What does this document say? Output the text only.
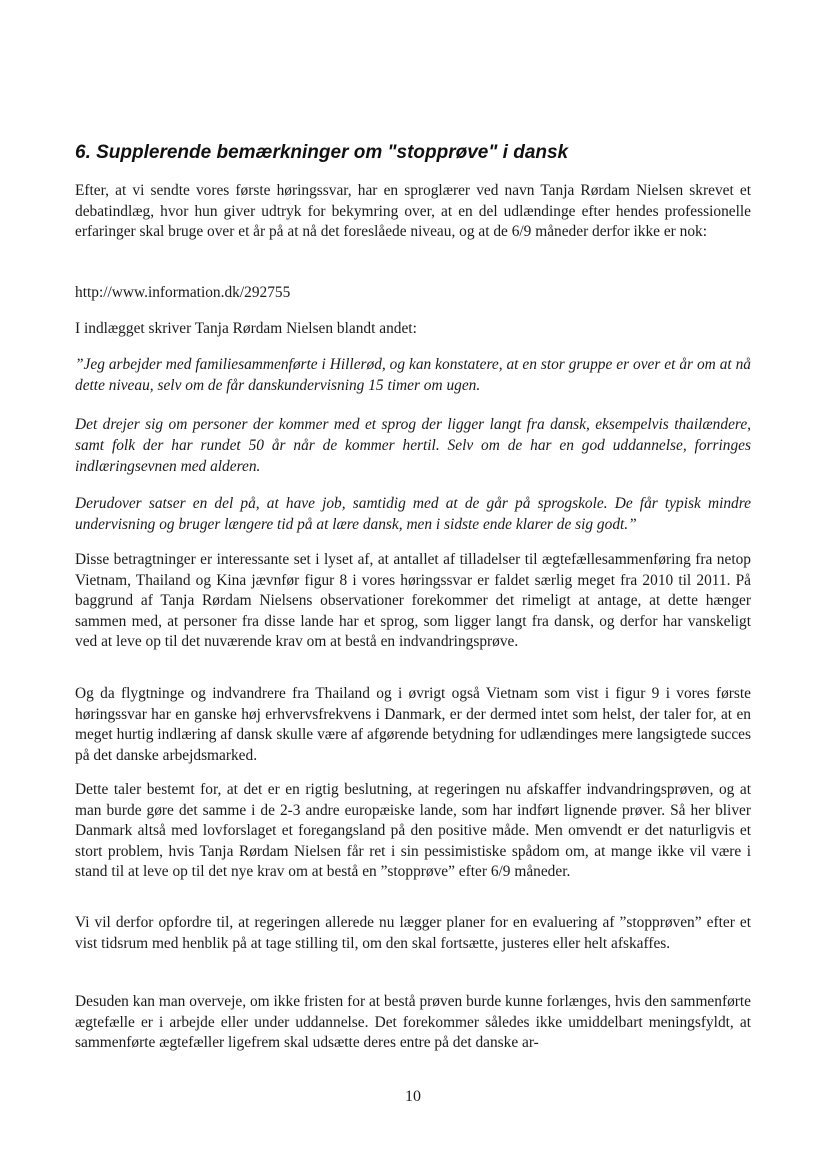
6. Supplerende bemærkninger om "stopprøve" i dansk

Efter, at vi sendte vores første høringssvar, har en sproglærer ved navn Tanja Rørdam Nielsen skrevet et debatindlæg, hvor hun giver udtryk for bekymring over, at en del udlændinge efter hendes professionelle erfaringer skal bruge over et år på at nå det foreslåede niveau, og at de 6/9 måneder derfor ikke er nok:

http://www.information.dk/292755

I indlægget skriver Tanja Rørdam Nielsen blandt andet:

”Jeg arbejder med familiesammenførte i Hillerød, og kan konstatere, at en stor gruppe er over et år om at nå dette niveau, selv om de får danskundervisning 15 timer om ugen.

Det drejer sig om personer der kommer med et sprog der ligger langt fra dansk, eksempelvis thailændere, samt folk der har rundet 50 år når de kommer hertil. Selv om de har en god uddannelse, forringes indlæringsevnen med alderen.

Derudover satser en del på, at have job, samtidig med at de går på sprogskole. De får typisk mindre undervisning og bruger længere tid på at lære dansk, men i sidste ende klarer de sig godt.”

Disse betragtninger er interessante set i lyset af, at antallet af tilladelser til ægtefællesammenføring fra netop Vietnam, Thailand og Kina jævnfør figur 8 i vores høringssvar er faldet særlig meget fra 2010 til 2011. På baggrund af Tanja Rørdam Nielsens observationer forekommer det rimeligt at antage, at dette hænger sammen med, at personer fra disse lande har et sprog, som ligger langt fra dansk, og derfor har vanskeligt ved at leve op til det nuværende krav om at bestå en indvandringsprøve.

Og da flygtninge og indvandrere fra Thailand og i øvrigt også Vietnam som vist i figur 9 i vores første høringssvar har en ganske høj erhvervsfrekvens i Danmark, er der dermed intet som helst, der taler for, at en meget hurtig indlæring af dansk skulle være af afgørende betydning for udlændinges mere langsigtede succes på det danske arbejdsmarked.

Dette taler bestemt for, at det er en rigtig beslutning, at regeringen nu afskaffer indvandringsprøven, og at man burde gøre det samme i de 2-3 andre europæiske lande, som har indført lignende prøver. Så her bliver Danmark altså med lovforslaget et foregangsland på den positive måde. Men omvendt er det naturligvis et stort problem, hvis Tanja Rørdam Nielsen får ret i sin pessimistiske spådom om, at mange ikke vil være i stand til at leve op til det nye krav om at bestå en ”stopprøve” efter 6/9 måneder.

Vi vil derfor opfordre til, at regeringen allerede nu lægger planer for en evaluering af ”stopprøven” efter et vist tidsrum med henblik på at tage stilling til, om den skal fortsætte, justeres eller helt afskaffes.

Desuden kan man overveje, om ikke fristen for at bestå prøven burde kunne forlænges, hvis den sammenførte ægtefælle er i arbejde eller under uddannelse. Det forekommer således ikke umiddelbart meningsfyldt, at sammenførte ægtefæller ligefrem skal udsætte deres entre på det danske ar-

10
